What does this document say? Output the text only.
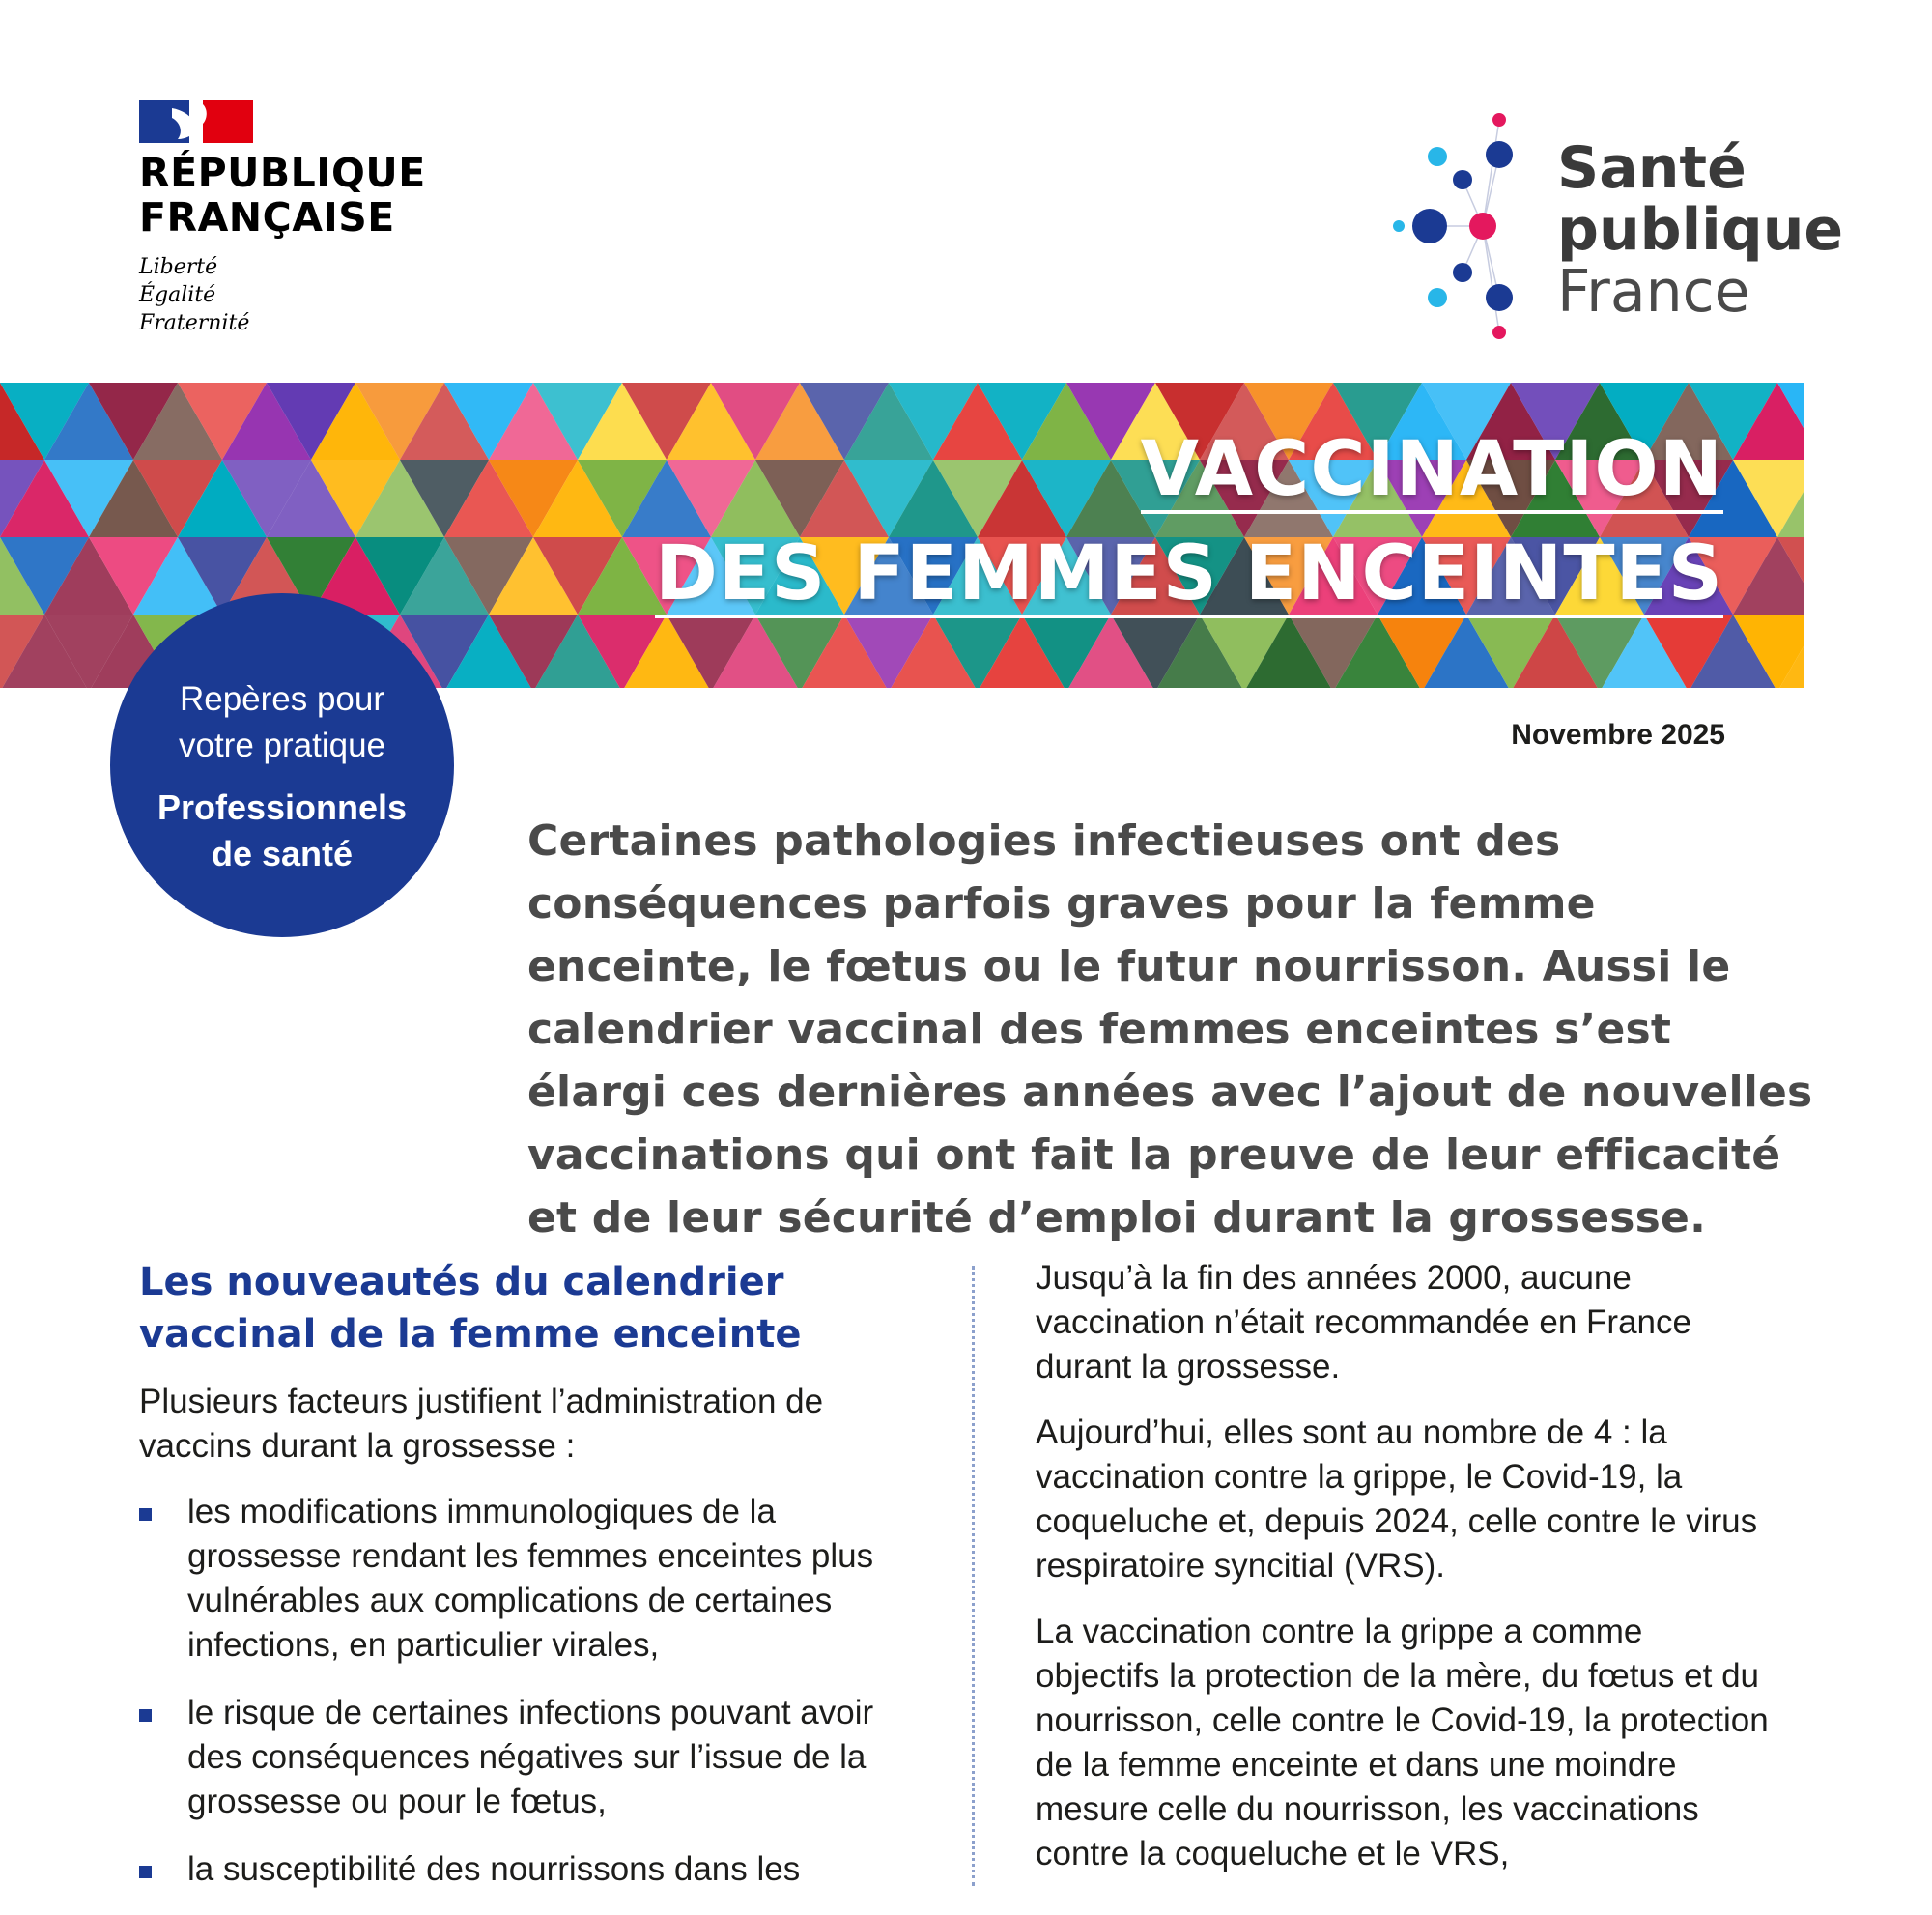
RÉPUBLIQUE
FRANÇAISE
Liberté
Égalité
Fraternité
Santé
publique
France
VACCINATION
DES FEMMES ENCEINTES
Repères pour
votre pratique
Professionnels
de santé
Novembre 2025

Certaines pathologies infectieuses ont des conséquences parfois graves pour la femme enceinte, le fœtus ou le futur nourrisson. Aussi le calendrier vaccinal des femmes enceintes s’est élargi ces dernières années avec l’ajout de nouvelles vaccinations qui ont fait la preuve de leur efficacité et de leur sécurité d’emploi durant la grossesse.

Les nouveautés du calendrier vaccinal de la femme enceinte

Plusieurs facteurs justifient l’administration de vaccins durant la grossesse :

les modifications immunologiques de la grossesse rendant les femmes enceintes plus vulnérables aux complications de certaines infections, en particulier virales,
le risque de certaines infections pouvant avoir des conséquences négatives sur l’issue de la grossesse ou pour le fœtus,
la susceptibilité des nourrissons dans les

Jusqu’à la fin des années 2000, aucune vaccination n’était recommandée en France durant la grossesse.

Aujourd’hui, elles sont au nombre de 4 : la vaccination contre la grippe, le Covid-19, la coqueluche et, depuis 2024, celle contre le virus respiratoire syncitial (VRS).

La vaccination contre la grippe a comme objectifs la protection de la mère, du fœtus et du nourrisson, celle contre le Covid-19, la protection de la femme enceinte et dans une moindre mesure celle du nourrisson, les vaccinations contre la coqueluche et le VRS,
